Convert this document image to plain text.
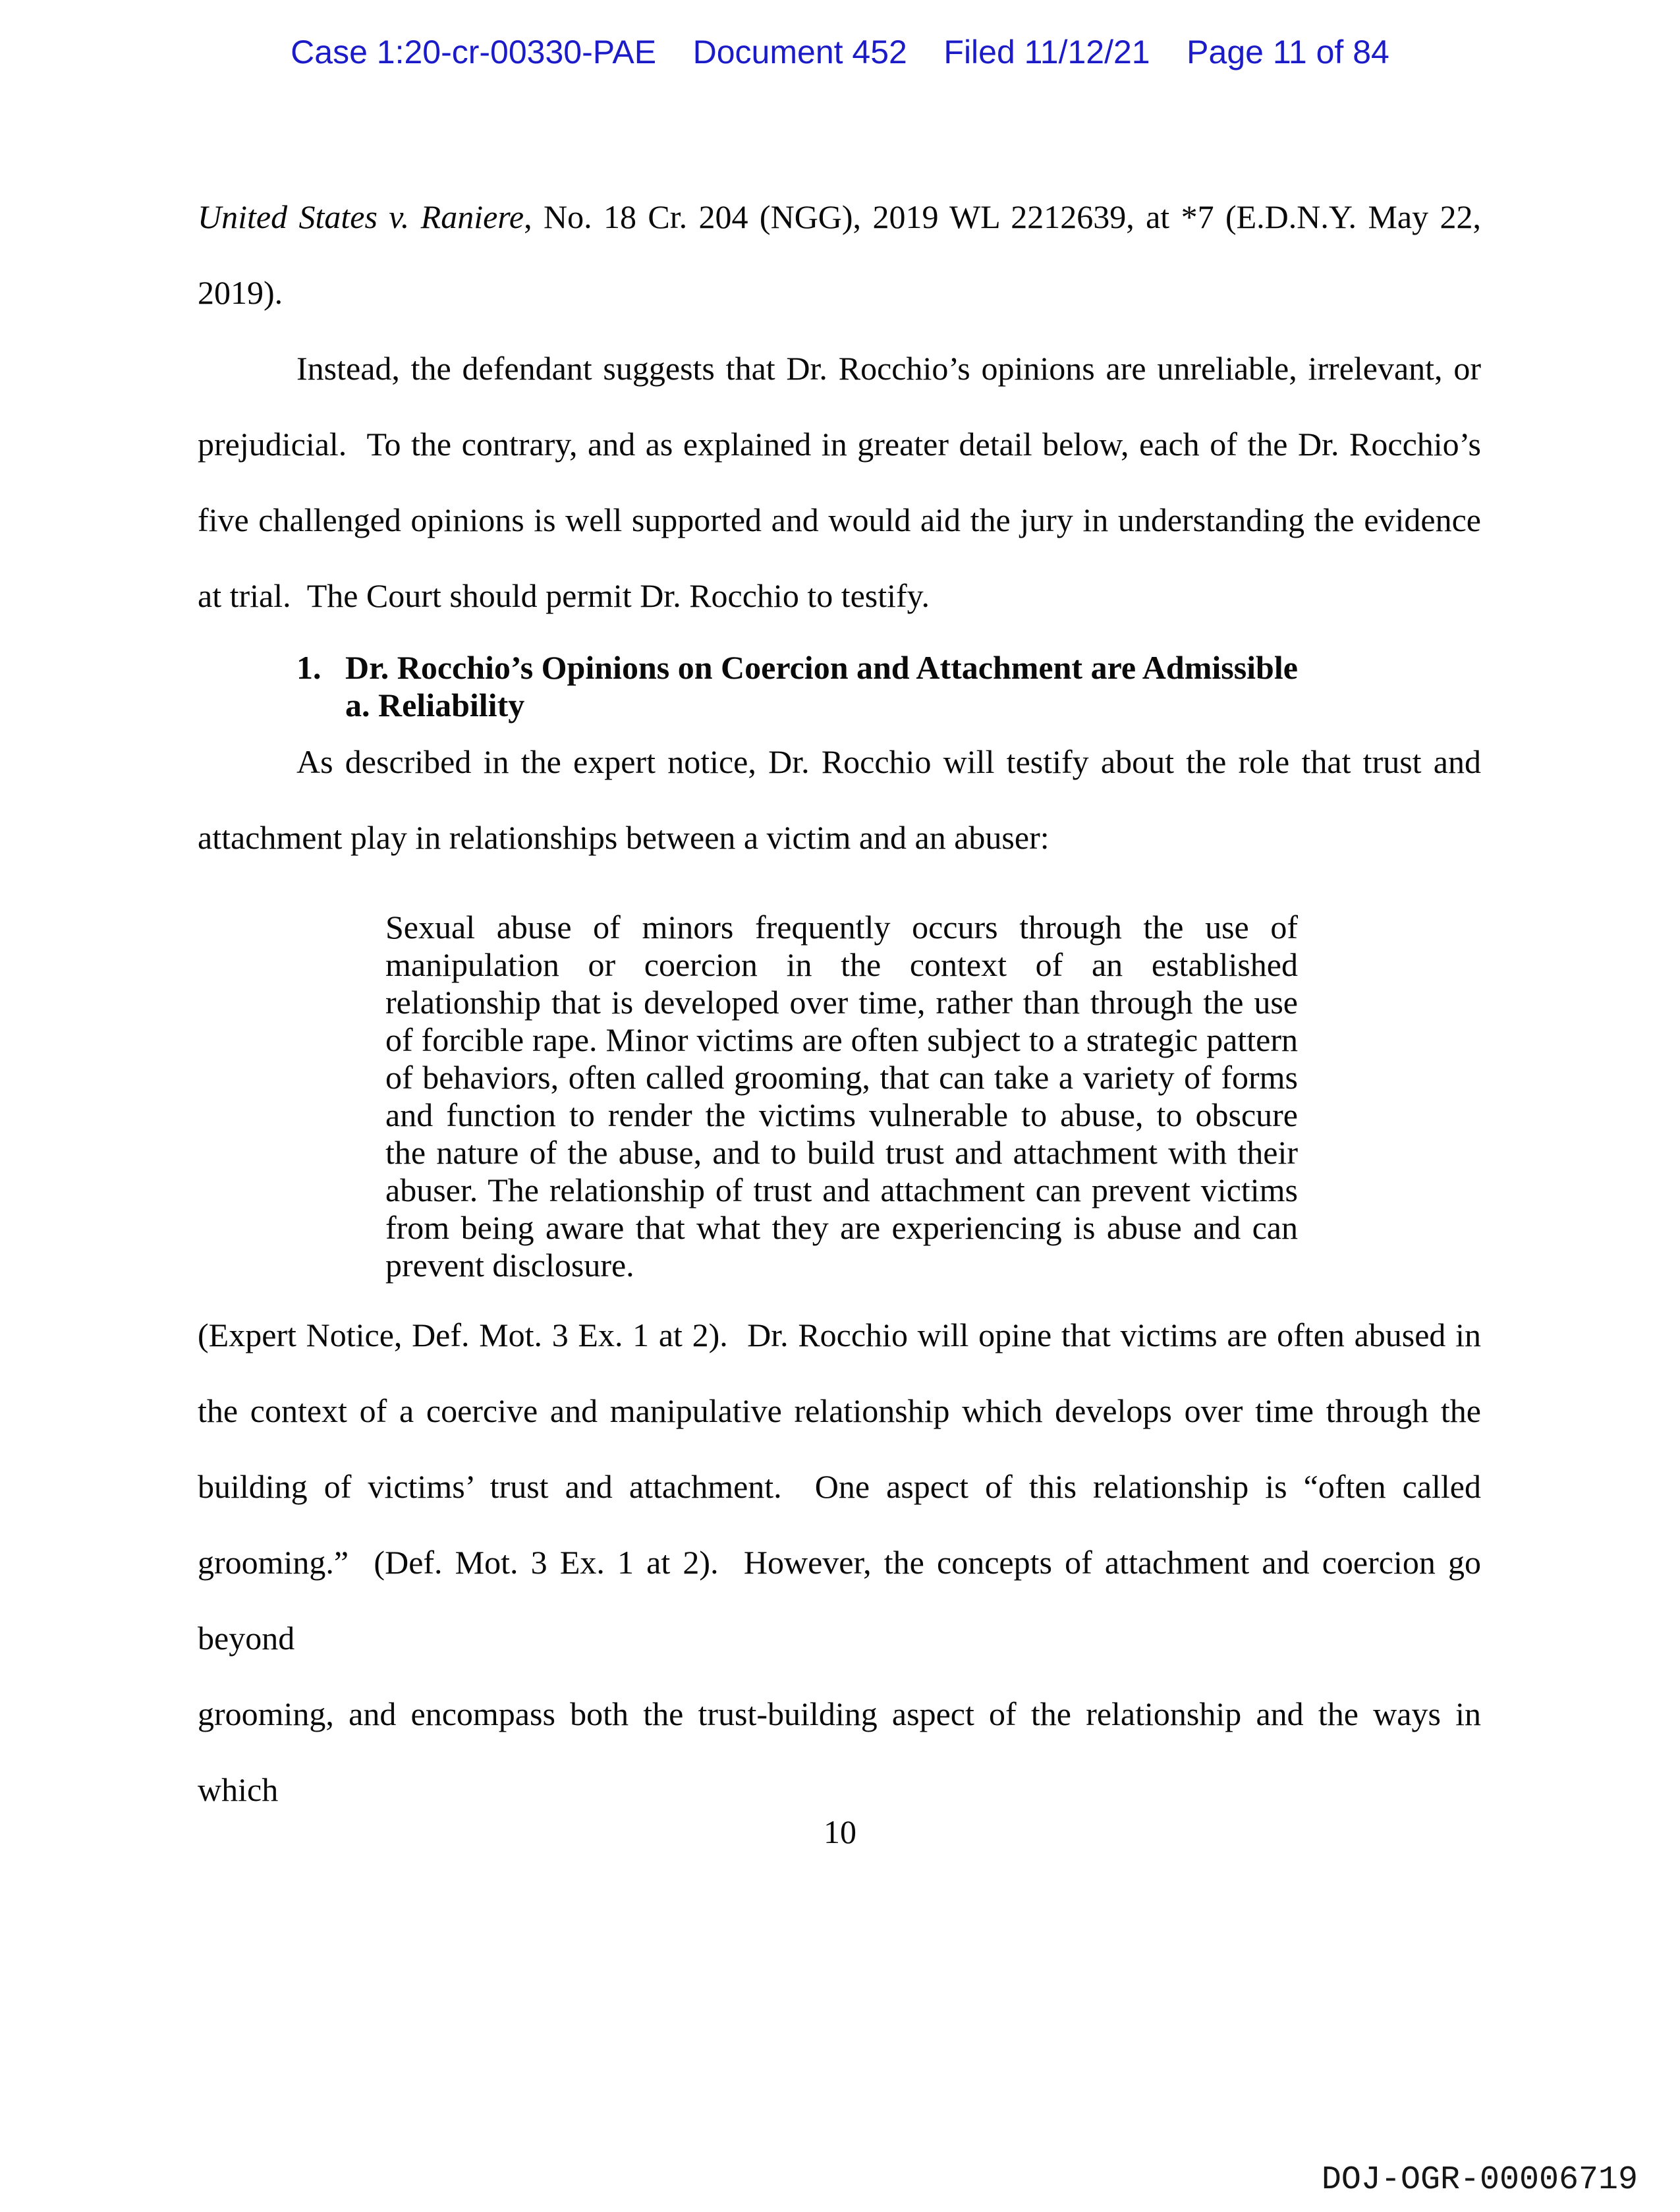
Case 1:20-cr-00330-PAE    Document 452    Filed 11/12/21    Page 11 of 84
United States v. Raniere, No. 18 Cr. 204 (NGG), 2019 WL 2212639, at *7 (E.D.N.Y. May 22,
2019).
Instead, the defendant suggests that Dr. Rocchio’s opinions are unreliable, irrelevant, or
prejudicial.  To the contrary, and as explained in greater detail below, each of the Dr. Rocchio’s
five challenged opinions is well supported and would aid the jury in understanding the evidence
at trial.  The Court should permit Dr. Rocchio to testify.
1. Dr. Rocchio’s Opinions on Coercion and Attachment are Admissible
a. Reliability
As described in the expert notice, Dr. Rocchio will testify about the role that trust and
attachment play in relationships between a victim and an abuser:
Sexual abuse of minors frequently occurs through the use of
manipulation or coercion in the context of an established
relationship that is developed over time, rather than through the use
of forcible rape. Minor victims are often subject to a strategic pattern
of behaviors, often called grooming, that can take a variety of forms
and function to render the victims vulnerable to abuse, to obscure
the nature of the abuse, and to build trust and attachment with their
abuser. The relationship of trust and attachment can prevent victims
from being aware that what they are experiencing is abuse and can
prevent disclosure.
(Expert Notice, Def. Mot. 3 Ex. 1 at 2).  Dr. Rocchio will opine that victims are often abused in
the context of a coercive and manipulative relationship which develops over time through the
building of victims’ trust and attachment.  One aspect of this relationship is “often called
grooming.”  (Def. Mot. 3 Ex. 1 at 2).  However, the concepts of attachment and coercion go beyond
grooming, and encompass both the trust-building aspect of the relationship and the ways in which
10
DOJ-OGR-00006719
